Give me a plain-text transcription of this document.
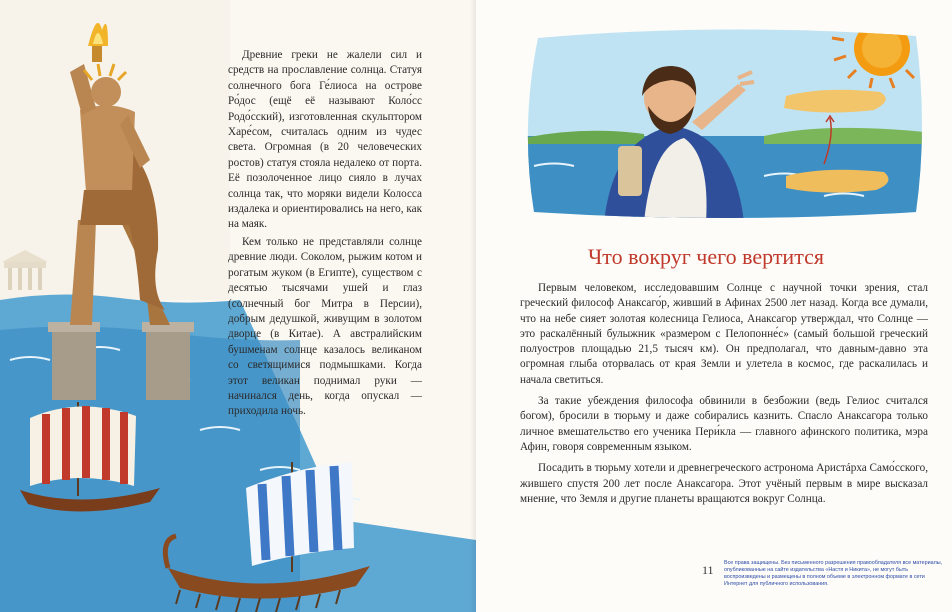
Древние греки не жалели сил и средств на прославление солнца. Статуя солнечного бога Ге́лиоса на острове Ро́дос (ещё её называют Коло́сс Родо́сский), изготовленная скульптором Харе́сом, считалась одним из чудес света. Огромная (в 20 человеческих ростов) статуя стояла недалеко от порта. Её позолоченное лицо сияло в лучах солнца так, что моряки видели Колосса издалека и ориентировались на него, как на маяк.

Кем только не представляли солнце древние люди. Соколом, рыжим котом и рогатым жуком (в Египте), существом с десятью тысячами ушей и глаз (солнечный бог Митра в Персии), добрым дедушкой, живущим в золотом дворце (в Китае). А австралийским бушменам солнце казалось великаном со светящимися подмышками. Когда этот великан поднимал руки — начинался день, когда опускал — приходила ночь.

Что вокруг чего вертится

Первым человеком, исследовавшим Солнце с научной точки зрения, стал греческий философ Анаксаго́р, живший в Афинах 2500 лет назад. Когда все думали, что на небе сияет золотая колесница Гелиоса, Анаксагор утверждал, что Солнце — это раскалённый булыжник «размером с Пелопонне́с» (самый большой греческий полуостров площадью 21,5 тысяч км). Он предполагал, что давным-давно эта огромная глыба оторвалась от края Земли и улетела в космос, где раскалилась и начала светиться.

За такие убеждения философа обвинили в безбожии (ведь Гелиос считался богом), бросили в тюрьму и даже собирались казнить. Спасло Анаксагора только личное вмешательство его ученика Пери́кла — главного афинского политика, мэра Афин, говоря современным языком.

Посадить в тюрьму хотели и древнегреческого астронома Аристáрха Само́сского, жившего спустя 200 лет после Анаксагора. Этот учёный первым в мире высказал мнение, что Земля и другие планеты вращаются вокруг Солнца.

11 Все права защищены. Без письменного разрешения правообладателя все материалы, опубликованные на сайте издательства «Настя и Никита», не могут быть воспроизведены и размещены в полном объеме в электронном формате в сети Интернет для публичного использования.
